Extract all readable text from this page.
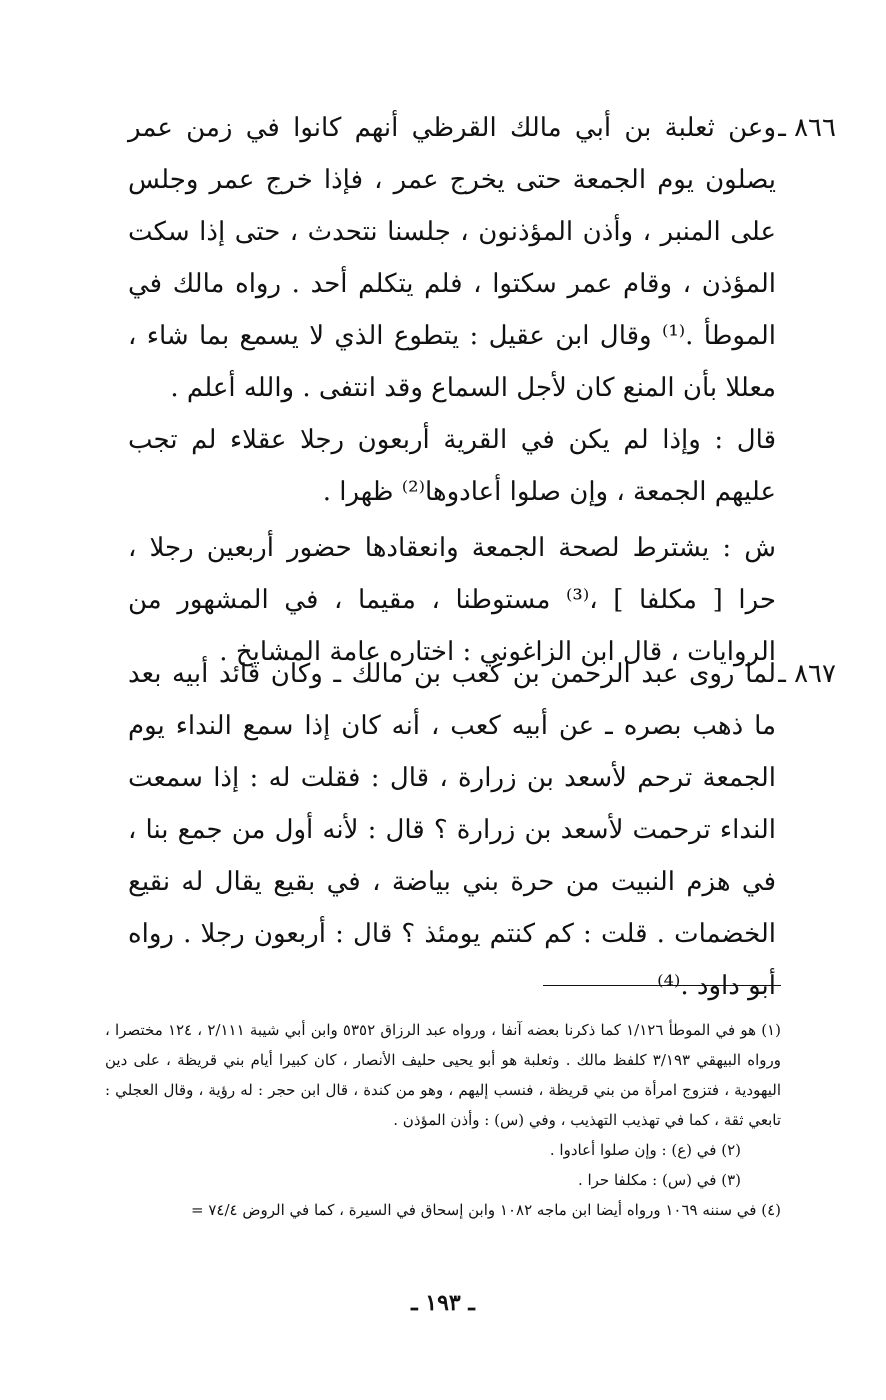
٨٦٦ ـ

وعن ثعلبة بن أبي مالك القرظي أنهم كانوا في زمن عمر يصلون يوم الجمعة حتى يخرج عمر ، فإذا خرج عمر وجلس على المنبر ، وأذن المؤذنون ، جلسنا نتحدث ، حتى إذا سكت المؤذن ، وقام عمر سكتوا ، فلم يتكلم أحد . رواه مالك في الموطأ .⁽¹⁾ وقال ابن عقيل : يتطوع الذي لا يسمع بما شاء ، معللا بأن المنع كان لأجل السماع وقد انتفى . والله أعلم .

قال : وإذا لم يكن في القرية أربعون رجلا عقلاء لم تجب عليهم الجمعة ، وإن صلوا أعادوها⁽²⁾ ظهرا .

ش : يشترط لصحة الجمعة وانعقادها حضور أربعين رجلا ، حرا [ مكلفا ] ،⁽³⁾ مستوطنا ، مقيما ، في المشهور من الروايات ، قال ابن الزاغوني : اختاره عامة المشايخ .

٨٦٧ ـ

لما روى عبد الرحمن بن كعب بن مالك ـ وكان قائد أبيه بعد ما ذهب بصره ـ عن أبيه كعب ، أنه كان إذا سمع النداء يوم الجمعة ترحم لأسعد بن زرارة ، قال : فقلت له : إذا سمعت النداء ترحمت لأسعد بن زرارة ؟ قال : لأنه أول من جمع بنا ، في هزم النبيت من حرة بني بياضة ، في بقيع يقال له نقيع الخضمات . قلت : كم كنتم يومئذ ؟ قال : أربعون رجلا . رواه أبو داود .⁽⁴⁾

(١) هو في الموطأ ١/١٢٦ كما ذكرنا بعضه آنفا ، ورواه عبد الرزاق ٥٣٥٢ وابن أبي شيبة ٢/١١١ ، ١٢٤ مختصرا ، ورواه البيهقي ٣/١٩٣ كلفظ مالك . وثعلبة هو أبو يحيى حليف الأنصار ، كان كبيرا أيام بني قريظة ، على دين اليهودية ، فتزوج امرأة من بني قريظة ، فنسب إليهم ، وهو من كندة ، قال ابن حجر : له رؤية ، وقال العجلي : تابعي ثقة ، كما في تهذيب التهذيب ، وفي (س) : وأذن المؤذن .

(٢) في (ع) : وإن صلوا أعادوا .

(٣) في (س) : مكلفا حرا .

(٤) في سننه ١٠٦٩ ورواه أيضا ابن ماجه ١٠٨٢ وابن إسحاق في السيرة ، كما في الروض ٧٤/٤ =

ـ ١٩٣ ـ
